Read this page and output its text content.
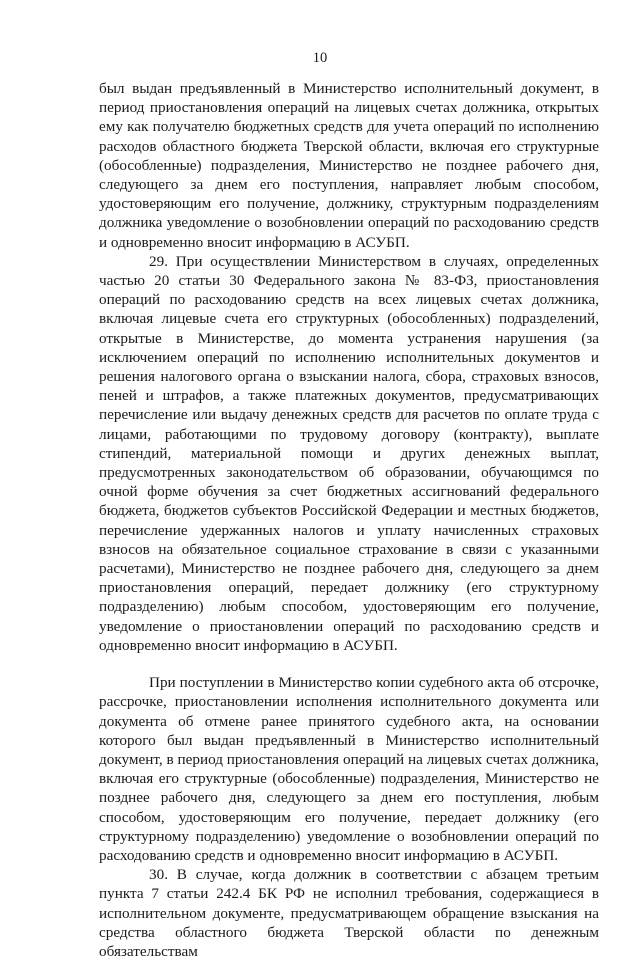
10

был выдан предъявленный в Министерство исполнительный документ, в период приостановления операций на лицевых счетах должника, открытых ему как получателю бюджетных средств для учета операций по исполнению расходов областного бюджета Тверской области, включая его структурные (обособленные) подразделения, Министерство не позднее рабочего дня, следующего за днем его поступления, направляет любым способом, удостоверяющим его получение, должнику, структурным подразделениям должника уведомление о возобновлении операций по расходованию средств и одновременно вносит информацию в АСУБП.

29. При осуществлении Министерством в случаях, определенных частью 20 статьи 30 Федерального закона № 83-ФЗ, приостановления операций по расходованию средств на всех лицевых счетах должника, включая лицевые счета его структурных (обособленных) подразделений, открытые в Министерстве, до момента устранения нарушения (за исключением операций по исполнению исполнительных документов и решения налогового органа о взыскании налога, сбора, страховых взносов, пеней и штрафов, а также платежных документов, предусматривающих перечисление или выдачу денежных средств для расчетов по оплате труда с лицами, работающими по трудовому договору (контракту), выплате стипендий, материальной помощи и других денежных выплат, предусмотренных законодательством об образовании, обучающимся по очной форме обучения за счет бюджетных ассигнований федерального бюджета, бюджетов субъектов Российской Федерации и местных бюджетов, перечисление удержанных налогов и уплату начисленных страховых взносов на обязательное социальное страхование в связи с указанными расчетами), Министерство не позднее рабочего дня, следующего за днем приостановления операций, передает должнику (его структурному подразделению) любым способом, удостоверяющим его получение, уведомление о приостановлении операций по расходованию средств и одновременно вносит информацию в АСУБП.

При поступлении в Министерство копии судебного акта об отсрочке, рассрочке, приостановлении исполнения исполнительного документа или документа об отмене ранее принятого судебного акта, на основании которого был выдан предъявленный в Министерство исполнительный документ, в период приостановления операций на лицевых счетах должника, включая его структурные (обособленные) подразделения, Министерство не позднее рабочего дня, следующего за днем его поступления, любым способом, удостоверяющим его получение, передает должнику (его структурному подразделению) уведомление о возобновлении операций по расходованию средств и одновременно вносит информацию в АСУБП.

30. В случае, когда должник в соответствии с абзацем третьим пункта 7 статьи 242.4 БК РФ не исполнил требования, содержащиеся в исполнительном документе, предусматривающем обращение взыскания на средства областного бюджета Тверской области по денежным обязательствам
